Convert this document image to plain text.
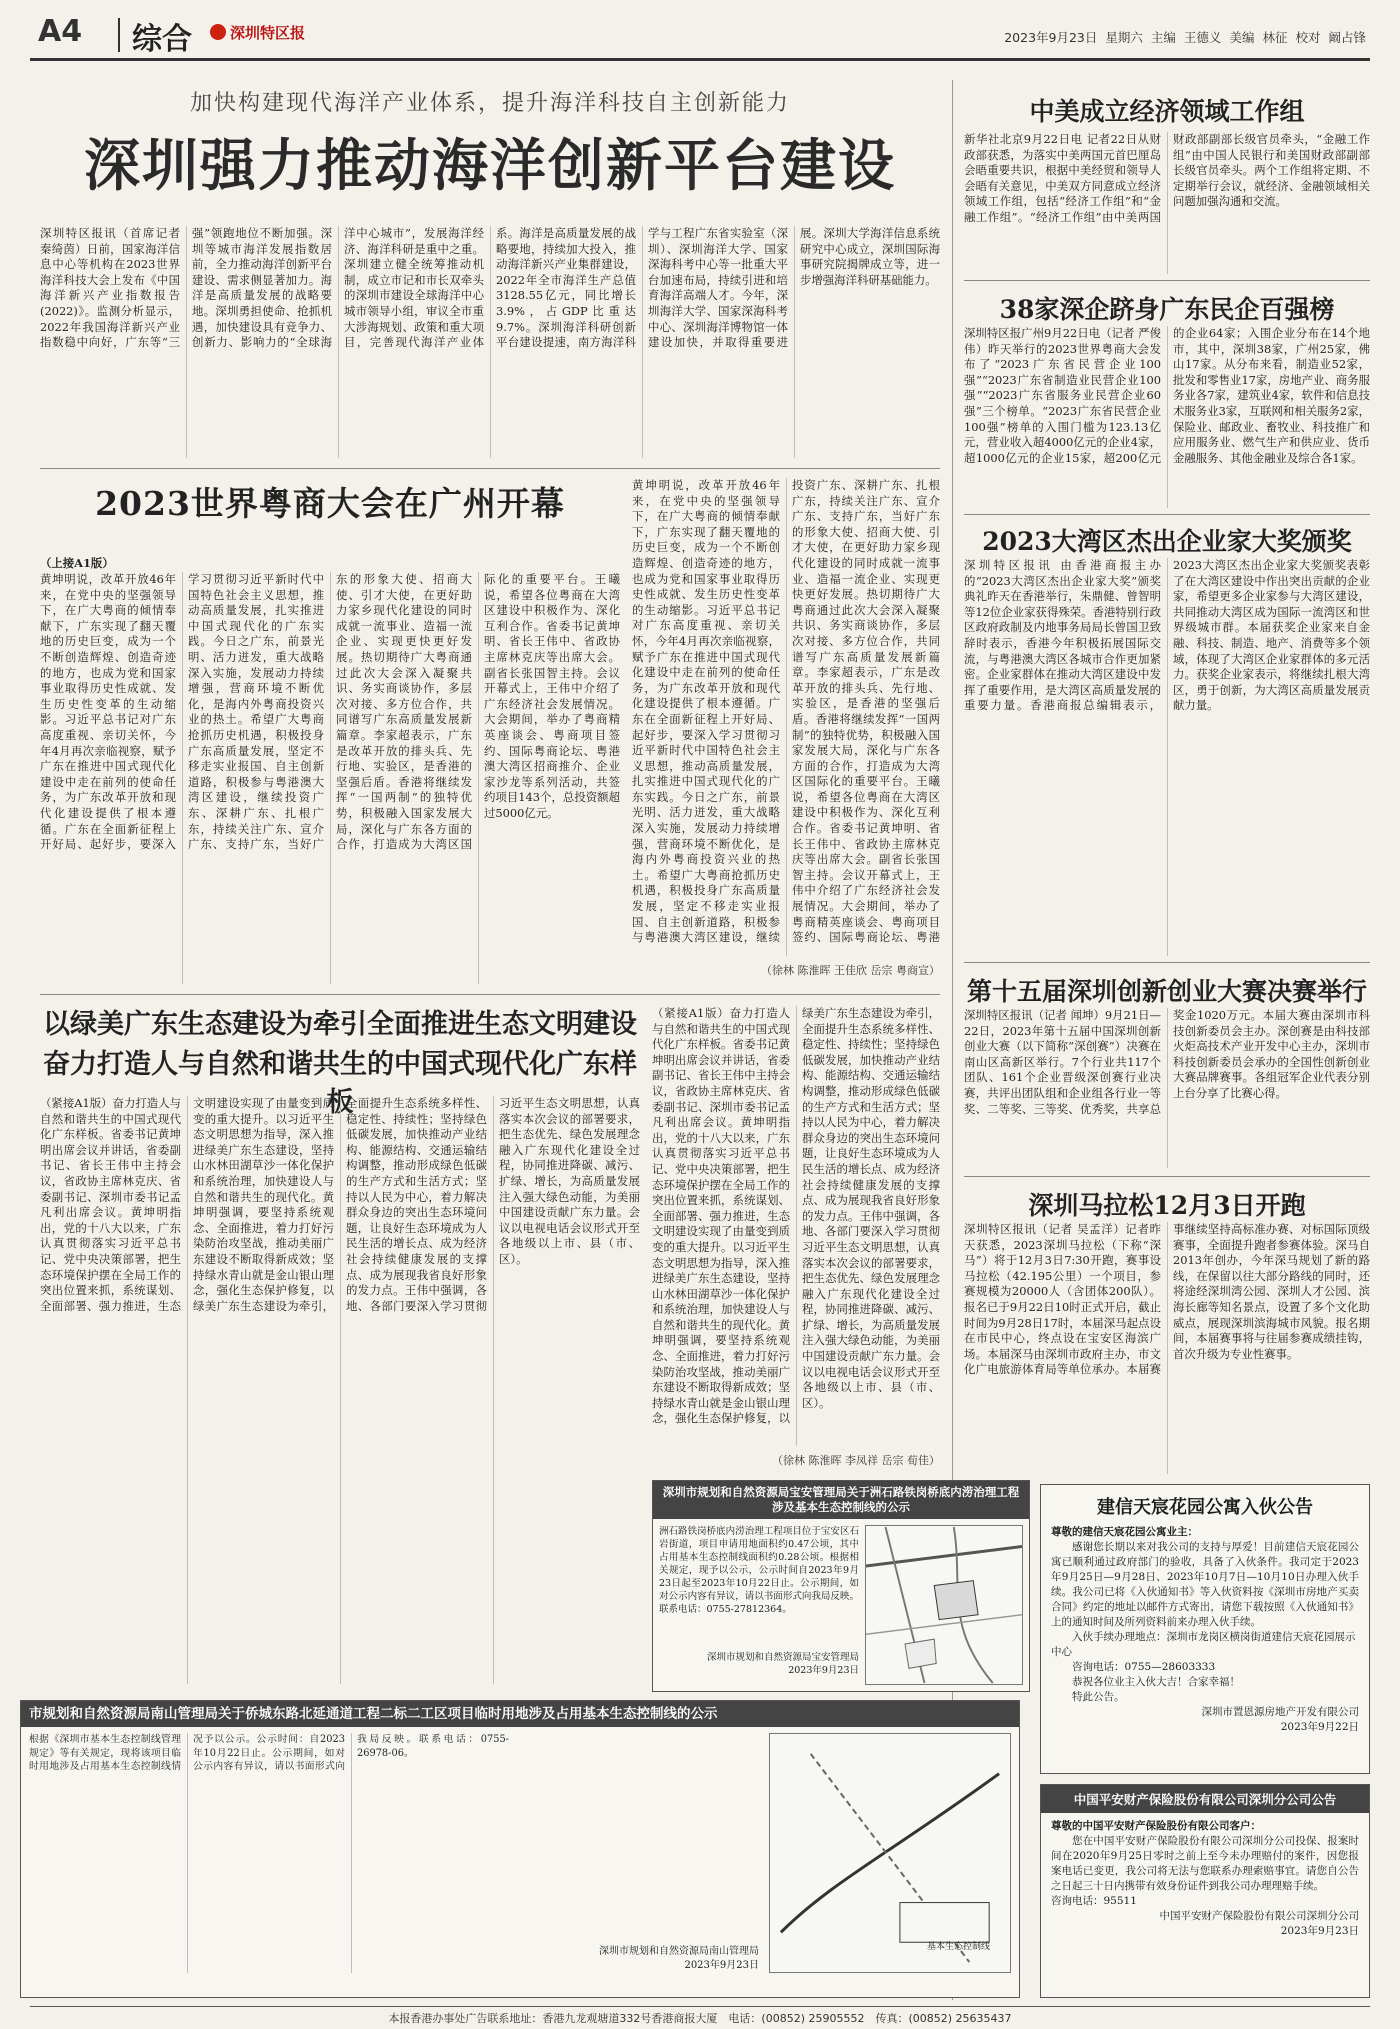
A4 综合	深圳特区报	2023年9月23日 星期六 主编 王德义 美编 林征 校对 阚占锋
加快构建现代海洋产业体系，提升海洋科技自主创新能力
深圳强力推动海洋创新平台建设
深圳特区报讯（首席记者 秦绮茵）日前，国家海洋信息中心等机构在2023世界海洋科技大会上发布《中国海洋新兴产业指数报告(2022)》。监测分析显示，2022年我国海洋新兴产业指数稳中向好，广东等“三强”领跑地位不断加强。深圳等城市海洋发展指数居前，全力推动海洋创新平台建设、需求侧显著加力。海洋是高质量发展的战略要地。深圳勇担使命、抢抓机遇，加快建设具有竞争力、创新力、影响力的“全球海洋中心城市”，发展海洋经济、海洋科研是重中之重。深圳建立健全统筹推动机制，成立市记和市长双牵头的深圳市建设全球海洋中心城市领导小组，审议全市重大涉海规划、政策和重大项目，完善现代海洋产业体系。海洋是高质量发展的战略要地，持续加大投入，推动海洋新兴产业集群建设，2022年全市海洋生产总值3128.55亿元，同比增长3.9%，占GDP比重达9.7%。深圳海洋科研创新平台建设提速，南方海洋科学与工程广东省实验室（深圳）、深圳海洋大学、国家深海科考中心等一批重大平台加速布局，持续引进和培育海洋高端人才。今年，深圳海洋大学、国家深海科考中心、深圳海洋博物馆一体建设加快，并取得重要进展。深圳大学海洋信息系统研究中心成立，深圳国际海事研究院揭牌成立等，进一步增强海洋科研基础能力。
中美成立经济领域工作组
新华社北京9月22日电 记者22日从财政部获悉，为落实中美两国元首巴厘岛会晤重要共识，根据中美经贸和领导人会晤有关意见，中美双方同意成立经济领域工作组，包括“经济工作组”和“金融工作组”。“经济工作组”由中美两国财政部副部长级官员牵头，“金融工作组”由中国人民银行和美国财政部副部长级官员牵头。两个工作组将定期、不定期举行会议，就经济、金融领域相关问题加强沟通和交流。
38家深企跻身广东民企百强榜
深圳特区报广州9月22日电（记者 严俊伟）昨天举行的2023世界粤商大会发布了“2023广东省民营企业100强”“2023广东省制造业民营企业100强”“2023广东省服务业民营企业60强”三个榜单。“2023广东省民营企业100强”榜单的入围门槛为123.13亿元，营业收入超4000亿元的企业4家，超1000亿元的企业15家，超200亿元的企业64家；入围企业分布在14个地市，其中，深圳38家，广州25家，佛山17家。从分布来看，制造业52家，批发和零售业17家，房地产业、商务服务业各7家，建筑业4家，软件和信息技术服务业3家，互联网和相关服务2家，保险业、邮政业、畜牧业、科技推广和应用服务业、燃气生产和供应业、货币金融服务、其他金融业及综合各1家。
2023大湾区杰出企业家大奖颁奖
深圳特区报讯 由香港商报主办的“2023大湾区杰出企业家大奖”颁奖典礼昨天在香港举行，朱鼎健、曾智明等12位企业家获得殊荣。香港特别行政区政府政制及内地事务局局长曾国卫致辞时表示，香港今年积极拓展国际交流，与粤港澳大湾区各城市合作更加紧密。企业家群体在推动大湾区建设中发挥了重要作用，是大湾区高质量发展的重要力量。香港商报总编辑表示，2023大湾区杰出企业家大奖颁奖表彰了在大湾区建设中作出突出贡献的企业家，希望更多企业家参与大湾区建设，共同推动大湾区成为国际一流湾区和世界级城市群。本届获奖企业家来自金融、科技、制造、地产、消费等多个领域，体现了大湾区企业家群体的多元活力。获奖企业家表示，将继续扎根大湾区，勇于创新，为大湾区高质量发展贡献力量。
第十五届深圳创新创业大赛决赛举行
深圳特区报讯（记者 闻坤）9月21日—22日，2023年第十五届中国深圳创新创业大赛（以下简称“深创赛”）决赛在南山区高新区举行。7个行业共117个团队、161个企业晋级深创赛行业决赛，共评出团队组和企业组各行业一等奖、二等奖、三等奖、优秀奖，共享总奖金1020万元。本届大赛由深圳市科技创新委员会主办。深创赛是由科技部火炬高技术产业开发中心主办，深圳市科技创新委员会承办的全国性创新创业大赛品牌赛事。各组冠军企业代表分别上台分享了比赛心得。
深圳马拉松12月3日开跑
深圳特区报讯（记者 吴孟洋）记者昨天获悉，2023深圳马拉松（下称“深马”）将于12月3日7:30开跑，赛事设马拉松（42.195公里）一个项目，参赛规模为20000人（含团体200队）。报名已于9月22日10时正式开启，截止时间为9月28日17时，本届深马起点设在市民中心，终点设在宝安区海滨广场。本届深马由深圳市政府主办，市文化广电旅游体育局等单位承办。本届赛事继续坚持高标准办赛、对标国际顶级赛事，全面提升跑者参赛体验。深马自2013年创办，今年深马规划了新的路线，在保留以往大部分路线的同时，还将途经深圳湾公园、深圳人才公园、滨海长廊等知名景点，设置了多个文化助威点，展现深圳滨海城市风貌。报名期间，本届赛事将与往届参赛成绩挂钩，首次升级为专业性赛事。
建信天宸花园公寓入伙公告
尊敬的建信天宸花园公寓业主：
感谢您长期以来对我公司的支持与厚爱！目前建信天宸花园公寓已顺利通过政府部门的验收，具备了入伙条件。我司定于2023年9月25日—9月28日、2023年10月7日—10月10日办理入伙手续。我公司已将《入伙通知书》等入伙资料按《深圳市房地产买卖合同》约定的地址以邮件方式寄出，请您下载按照《入伙通知书》上的通知时间及所列资料前来办理入伙手续。
入伙手续办理地点：深圳市龙岗区横岗街道建信天宸花园展示中心
咨询电话：0755—28603333
恭祝各位业主入伙大吉！合家幸福！
特此公告。
深圳市置恩源房地产开发有限公司
2023年9月22日
中国平安财产保险股份有限公司深圳分公司公告
尊敬的中国平安财产保险股份有限公司客户：
您在中国平安财产保险股份有限公司深圳分公司投保、报案时间在2020年9月25日零时之前上至今未办理赔付的案件，因您报案电话已变更，我公司将无法与您联系办理索赔事宜。请您自公告之日起三十日内携带有效身份证件到我公司办理理赔手续。
咨询电话：95511
中国平安财产保险股份有限公司深圳分公司
2023年9月23日
2023世界粤商大会在广州开幕
（上接A1版）
黄坤明说，改革开放46年来，在党中央的坚强领导下，在广大粤商的倾情奉献下，广东实现了翻天覆地的历史巨变，成为一个不断创造辉煌、创造奇迹的地方，也成为党和国家事业取得历史性成就、发生历史性变革的生动缩影。习近平总书记对广东高度重视、亲切关怀，今年4月再次亲临视察，赋予广东在推进中国式现代化建设中走在前列的使命任务，为广东改革开放和现代化建设提供了根本遵循。广东在全面新征程上开好局、起好步，要深入学习贯彻习近平新时代中国特色社会主义思想，推动高质量发展，扎实推进中国式现代化的广东实践。今日之广东，前景光明、活力迸发，重大战略深入实施，发展动力持续增强，营商环境不断优化，是海内外粤商投资兴业的热土。希望广大粤商抢抓历史机遇，积极投身广东高质量发展，坚定不移走实业报国、自主创新道路，积极参与粤港澳大湾区建设，继续投资广东、深耕广东、扎根广东，持续关注广东、宣介广东、支持广东，当好广东的形象大使、招商大使、引才大使，在更好助力家乡现代化建设的同时成就一流事业、造福一流企业、实现更快更好发展。热切期待广大粤商通过此次大会深入凝聚共识、务实商谈协作，多层次对接、多方位合作，共同谱写广东高质量发展新篇章。李家超表示，广东是改革开放的排头兵、先行地、实验区，是香港的坚强后盾。香港将继续发挥“一国两制”的独特优势，积极融入国家发展大局，深化与广东各方面的合作，打造成为大湾区国际化的重要平台。王曦说，希望各位粤商在大湾区建设中积极作为、深化互利合作。省委书记黄坤明、省长王伟中、省政协主席林克庆等出席大会。副省长张国智主持。会议开幕式上，王伟中介绍了广东经济社会发展情况。大会期间，举办了粤商精英座谈会、粤商项目签约、国际粤商论坛、粤港澳大湾区招商推介、企业家沙龙等系列活动，共签约项目143个，总投资额超过5000亿元。
黄坤明说，改革开放46年来，在党中央的坚强领导下，在广大粤商的倾情奉献下，广东实现了翻天覆地的历史巨变，成为一个不断创造辉煌、创造奇迹的地方，也成为党和国家事业取得历史性成就、发生历史性变革的生动缩影。习近平总书记对广东高度重视、亲切关怀，今年4月再次亲临视察，赋予广东在推进中国式现代化建设中走在前列的使命任务，为广东改革开放和现代化建设提供了根本遵循。广东在全面新征程上开好局、起好步，要深入学习贯彻习近平新时代中国特色社会主义思想，推动高质量发展，扎实推进中国式现代化的广东实践。今日之广东，前景光明、活力迸发，重大战略深入实施，发展动力持续增强，营商环境不断优化，是海内外粤商投资兴业的热土。希望广大粤商抢抓历史机遇，积极投身广东高质量发展，坚定不移走实业报国、自主创新道路，积极参与粤港澳大湾区建设，继续投资广东、深耕广东、扎根广东，持续关注广东、宣介广东、支持广东，当好广东的形象大使、招商大使、引才大使，在更好助力家乡现代化建设的同时成就一流事业、造福一流企业、实现更快更好发展。热切期待广大粤商通过此次大会深入凝聚共识、务实商谈协作，多层次对接、多方位合作，共同谱写广东高质量发展新篇章。李家超表示，广东是改革开放的排头兵、先行地、实验区，是香港的坚强后盾。香港将继续发挥“一国两制”的独特优势，积极融入国家发展大局，深化与广东各方面的合作，打造成为大湾区国际化的重要平台。王曦说，希望各位粤商在大湾区建设中积极作为、深化互利合作。省委书记黄坤明、省长王伟中、省政协主席林克庆等出席大会。副省长张国智主持。会议开幕式上，王伟中介绍了广东经济社会发展情况。大会期间，举办了粤商精英座谈会、粤商项目签约、国际粤商论坛、粤港
（徐林 陈淮晖 王佳欣 岳宗 粤商宣）
以绿美广东生态建设为牵引全面推进生态文明建设
奋力打造人与自然和谐共生的中国式现代化广东样板
（紧接A1版）奋力打造人与自然和谐共生的中国式现代化广东样板。省委书记黄坤明出席会议并讲话，省委副书记、省长王伟中主持会议，省政协主席林克庆、省委副书记、深圳市委书记孟凡利出席会议。黄坤明指出，党的十八大以来，广东认真贯彻落实习近平总书记、党中央决策部署，把生态环境保护摆在全局工作的突出位置来抓，系统谋划、全面部署、强力推进，生态文明建设实现了由量变到质变的重大提升。以习近平生态文明思想为指导，深入推进绿美广东生态建设，坚持山水林田湖草沙一体化保护和系统治理，加快建设人与自然和谐共生的现代化。黄坤明强调，要坚持系统观念、全面推进，着力打好污染防治攻坚战，推动美丽广东建设不断取得新成效；坚持绿水青山就是金山银山理念，强化生态保护修复，以绿美广东生态建设为牵引，全面提升生态系统多样性、稳定性、持续性；坚持绿色低碳发展，加快推动产业结构、能源结构、交通运输结构调整，推动形成绿色低碳的生产方式和生活方式；坚持以人民为中心，着力解决群众身边的突出生态环境问题，让良好生态环境成为人民生活的增长点、成为经济社会持续健康发展的支撑点、成为展现我省良好形象的发力点。王伟中强调，各地、各部门要深入学习贯彻习近平生态文明思想，认真落实本次会议的部署要求，把生态优先、绿色发展理念融入广东现代化建设全过程，协同推进降碳、减污、扩绿、增长，为高质量发展注入强大绿色动能，为美丽中国建设贡献广东力量。会议以电视电话会议形式开至各地级以上市、县（市、区）。
（紧接A1版）奋力打造人与自然和谐共生的中国式现代化广东样板。省委书记黄坤明出席会议并讲话，省委副书记、省长王伟中主持会议，省政协主席林克庆、省委副书记、深圳市委书记孟凡利出席会议。黄坤明指出，党的十八大以来，广东认真贯彻落实习近平总书记、党中央决策部署，把生态环境保护摆在全局工作的突出位置来抓，系统谋划、全面部署、强力推进，生态文明建设实现了由量变到质变的重大提升。以习近平生态文明思想为指导，深入推进绿美广东生态建设，坚持山水林田湖草沙一体化保护和系统治理，加快建设人与自然和谐共生的现代化。黄坤明强调，要坚持系统观念、全面推进，着力打好污染防治攻坚战，推动美丽广东建设不断取得新成效；坚持绿水青山就是金山银山理念，强化生态保护修复，以绿美广东生态建设为牵引，全面提升生态系统多样性、稳定性、持续性；坚持绿色低碳发展，加快推动产业结构、能源结构、交通运输结构调整，推动形成绿色低碳的生产方式和生活方式；坚持以人民为中心，着力解决群众身边的突出生态环境问题，让良好生态环境成为人民生活的增长点、成为经济社会持续健康发展的支撑点、成为展现我省良好形象的发力点。王伟中强调，各地、各部门要深入学习贯彻习近平生态文明思想，认真落实本次会议的部署要求，把生态优先、绿色发展理念融入广东现代化建设全过程，协同推进降碳、减污、扩绿、增长，为高质量发展注入强大绿色动能，为美丽中国建设贡献广东力量。会议以电视电话会议形式开至各地级以上市、县（市、区）。
（徐林 陈淮晖 李凤祥 岳宗 荀佳）
深圳市规划和自然资源局宝安管理局关于洲石路铁岗桥底内涝治理工程涉及基本生态控制线的公示
洲石路铁岗桥底内涝治理工程项目位于宝安区石岩街道，项目申请用地面积约0.47公顷，其中占用基本生态控制线面积约0.28公顷。根据相关规定，现予以公示，公示时间自2023年9月23日起至2023年10月22日止。公示期间，如对公示内容有异议，请以书面形式向我局反映。联系电话：0755-27812364。
深圳市规划和自然资源局宝安管理局
2023年9月23日
市规划和自然资源局南山管理局关于侨城东路北延通道工程二标二工区项目临时用地涉及占用基本生态控制线的公示
根据《深圳市基本生态控制线管理规定》等有关规定，现将该项目临时用地涉及占用基本生态控制线情况予以公示。公示时间：自2023年10月22日止。公示期间，如对公示内容有异议，请以书面形式向我局反映。联系电话：0755-26978-06。
深圳市规划和自然资源局南山管理局
2023年9月23日
基本生态控制线
本报香港办事处广告联系地址：香港九龙观塘道332号香港商报大厦　电话：(00852) 25905552　传真：(00852) 25635437
